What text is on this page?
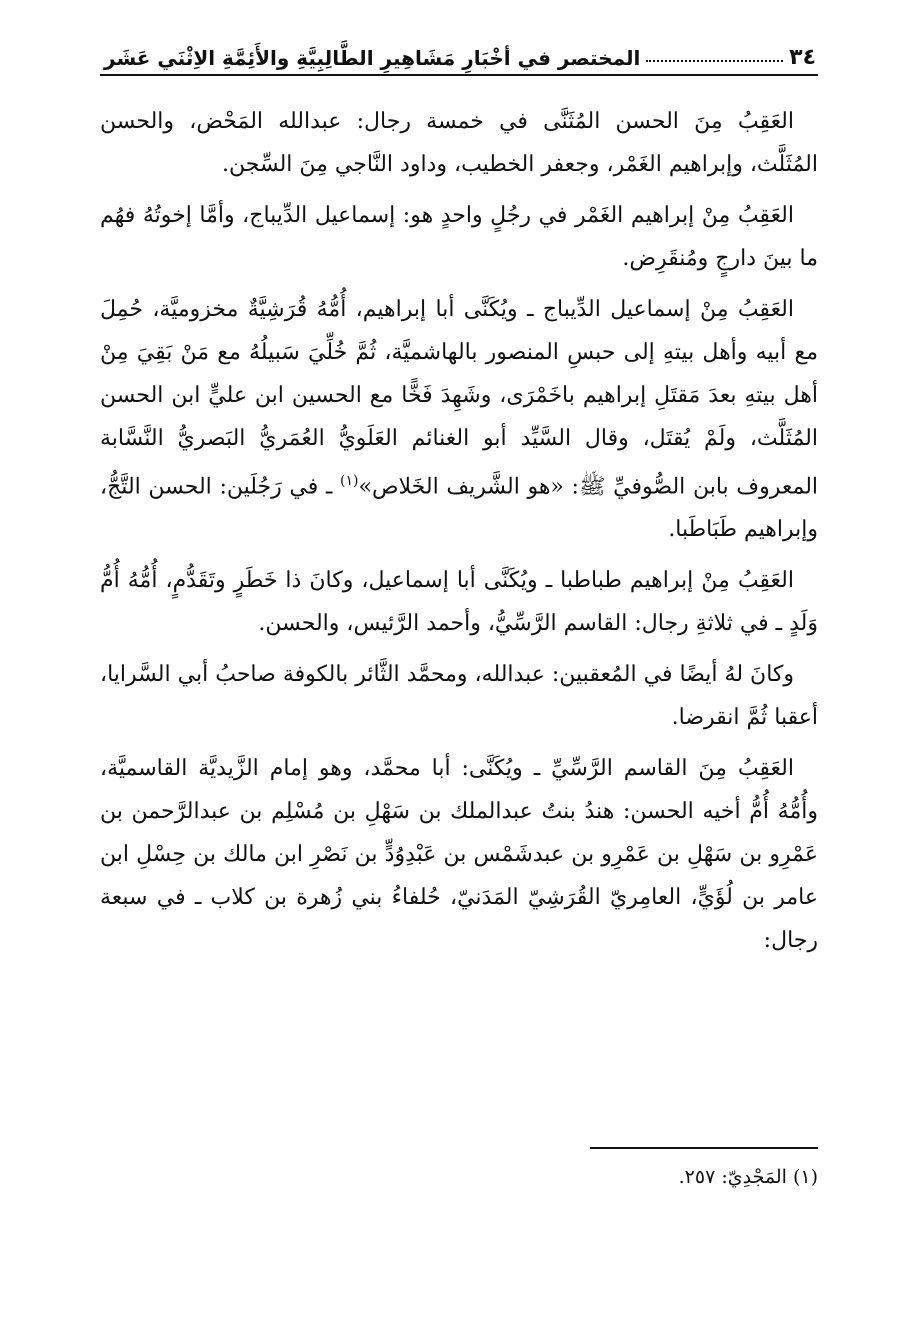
٣٤
المختصر في أخْبَارِ مَشَاهِيرِ الطَّالِبِيَّةِ والأَئِمَّةِ الاِثْنَي عَشَر

العَقِبُ مِنَ الحسن المُثَنَّى في خمسة رجال: عبدالله المَحْض، والحسن المُثَلَّث، وإبراهيم الغَمْر، وجعفر الخطيب، وداود النَّاجي مِنَ السِّجن.

العَقِبُ مِنْ إبراهيم الغَمْر في رجُلٍ واحدٍ هو: إسماعيل الدِّيباج، وأمَّا إخوتُهُ فهُم ما بينَ دارجٍ ومُنقَرِض.

العَقِبُ مِنْ إسماعيل الدِّيباج ـ ويُكَنَّى أبا إبراهيم، أُمُّهُ قُرَشِيَّةٌ مخزوميَّة، حُمِلَ مع أبيه وأهل بيتهِ إلى حبسِ المنصور بالهاشميَّة، ثُمَّ خُلِّيَ سَبيلُهُ مع مَنْ بَقِيَ مِنْ أهل بيتهِ بعدَ مَقتَلِ إبراهيم باخَمْرَى، وشَهِدَ فَخًّا مع الحسين ابن عليٍّ ابن الحسن المُثَلَّث، ولَمْ يُقتَل، وقال السَّيِّد أبو الغنائم العَلَويُّ العُمَريُّ البَصريُّ النَّسَّابة المعروف بابن الصُّوفيِّ ﷺ: «هو الشَّريف الخَلاص»$^{(١)}$ ـ في رَجُلَين: الحسن التَّجُّ، وإبراهيم طَبَاطَبا.

العَقِبُ مِنْ إبراهيم طباطبا ـ ويُكَنَّى أبا إسماعيل، وكانَ ذا خَطَرٍ وتَقَدُّمٍ، أُمُّهُ أُمُّ وَلَدٍ ـ في ثلاثةِ رجال: القاسم الرَّسِّيُّ، وأحمد الرَّئيس، والحسن.

وكانَ لهُ أيضًا في المُعقبين: عبدالله، ومحمَّد الثَّائر بالكوفة صاحبُ أبي السَّرايا، أعقبا ثُمَّ انقرضا.

العَقِبُ مِنَ القاسم الرَّسِّيِّ ـ ويُكَنَّى: أبا محمَّد، وهو إمام الزَّيديَّة القاسميَّة، وأُمُّهُ أُمُّ أخيه الحسن: هندُ بنتُ عبدالملك بن سَهْلِ بن مُسْلِم بن عبدالرَّحمن بن عَمْرِو بن سَهْلِ بن عَمْرِو بن عبدشَمْس بن عَبْدِوُدٍّ بن نَصْرِ ابن مالك بن حِسْلِ ابن عامر بن لُؤَيٍّ، العامِريّ القُرَشِيّ المَدَنيّ، حُلفاءُ بني زُهرة بن كلاب ـ في سبعة رجال:

(١) المَجْدِيّ: ٢٥٧.
